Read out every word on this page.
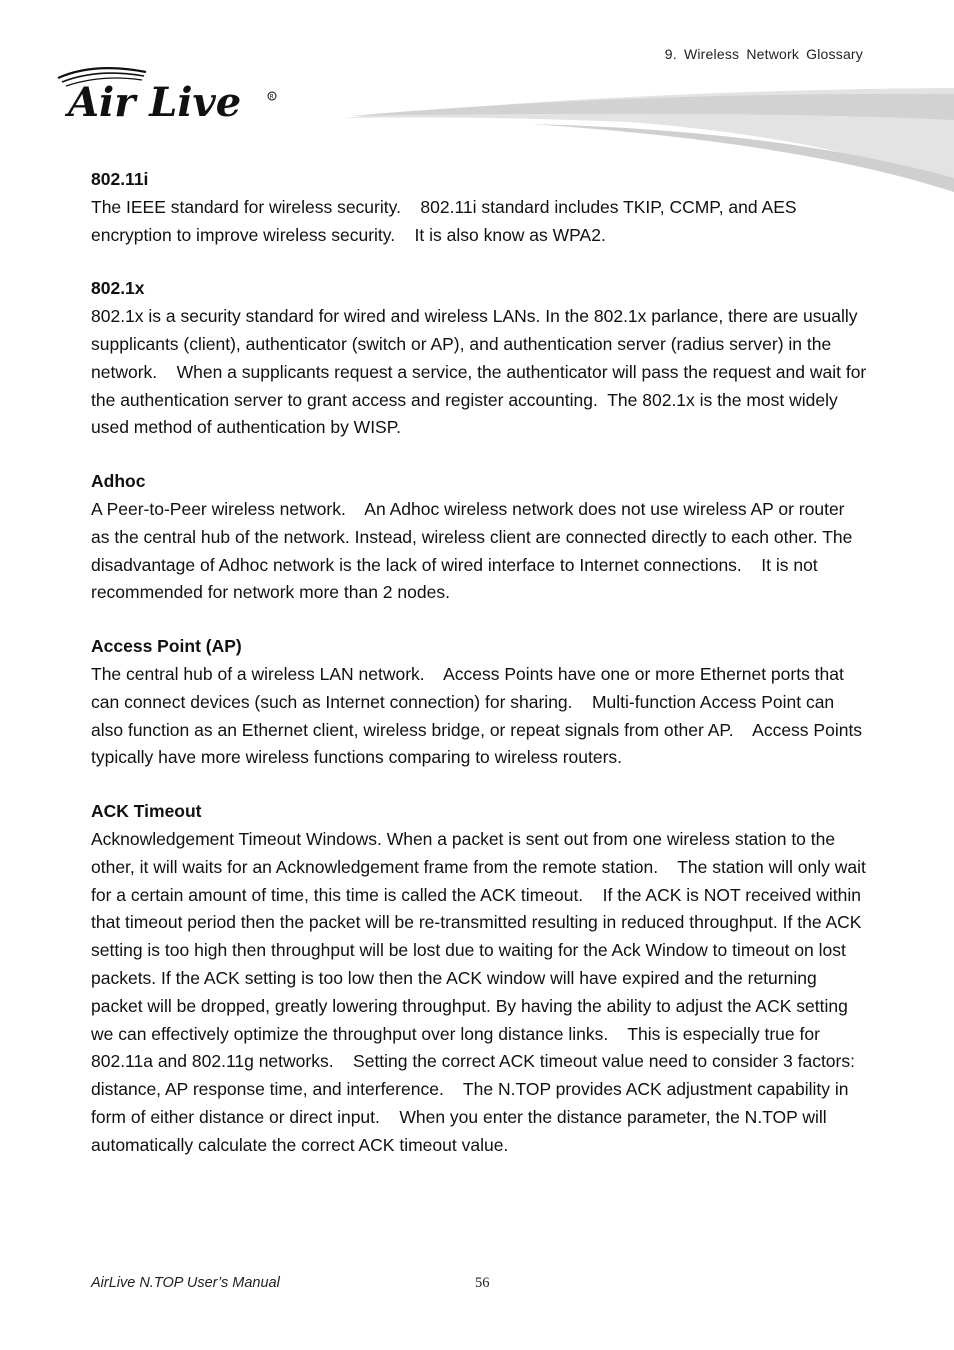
9. Wireless Network Glossary
Air Live	R
802.11i

The IEEE standard for wireless security.    802.11i standard includes TKIP, CCMP, and AES encryption to improve wireless security.    It is also know as WPA2.

802.1x

802.1x is a security standard for wired and wireless LANs. In the 802.1x parlance, there are usually supplicants (client), authenticator (switch or AP), and authentication server (radius server) in the network.    When a supplicants request a service, the authenticator will pass the request and wait for the authentication server to grant access and register accounting.  The 802.1x is the most widely used method of authentication by WISP.

Adhoc

A Peer-to-Peer wireless network.    An Adhoc wireless network does not use wireless AP or router as the central hub of the network. Instead, wireless client are connected directly to each other. The disadvantage of Adhoc network is the lack of wired interface to Internet connections.    It is not recommended for network more than 2 nodes.

Access Point (AP)

The central hub of a wireless LAN network.    Access Points have one or more Ethernet ports that can connect devices (such as Internet connection) for sharing.    Multi-function Access Point can also function as an Ethernet client, wireless bridge, or repeat signals from other AP.    Access Points typically have more wireless functions comparing to wireless routers.

ACK Timeout

Acknowledgement Timeout Windows. When a packet is sent out from one wireless station to the other, it will waits for an Acknowledgement frame from the remote station.    The station will only wait for a certain amount of time, this time is called the ACK timeout.    If the ACK is NOT received within that timeout period then the packet will be re-transmitted resulting in reduced throughput. If the ACK setting is too high then throughput will be lost due to waiting for the Ack Window to timeout on lost packets. If the ACK setting is too low then the ACK window will have expired and the returning packet will be dropped, greatly lowering throughput. By having the ability to adjust the ACK setting we can effectively optimize the throughput over long distance links.    This is especially true for 802.11a and 802.11g networks.    Setting the correct ACK timeout value need to consider 3 factors: distance, AP response time, and interference.    The N.TOP provides ACK adjustment capability in form of either distance or direct input.    When you enter the distance parameter, the N.TOP will automatically calculate the correct ACK timeout value.

AirLive N.TOP User’s Manual	56
